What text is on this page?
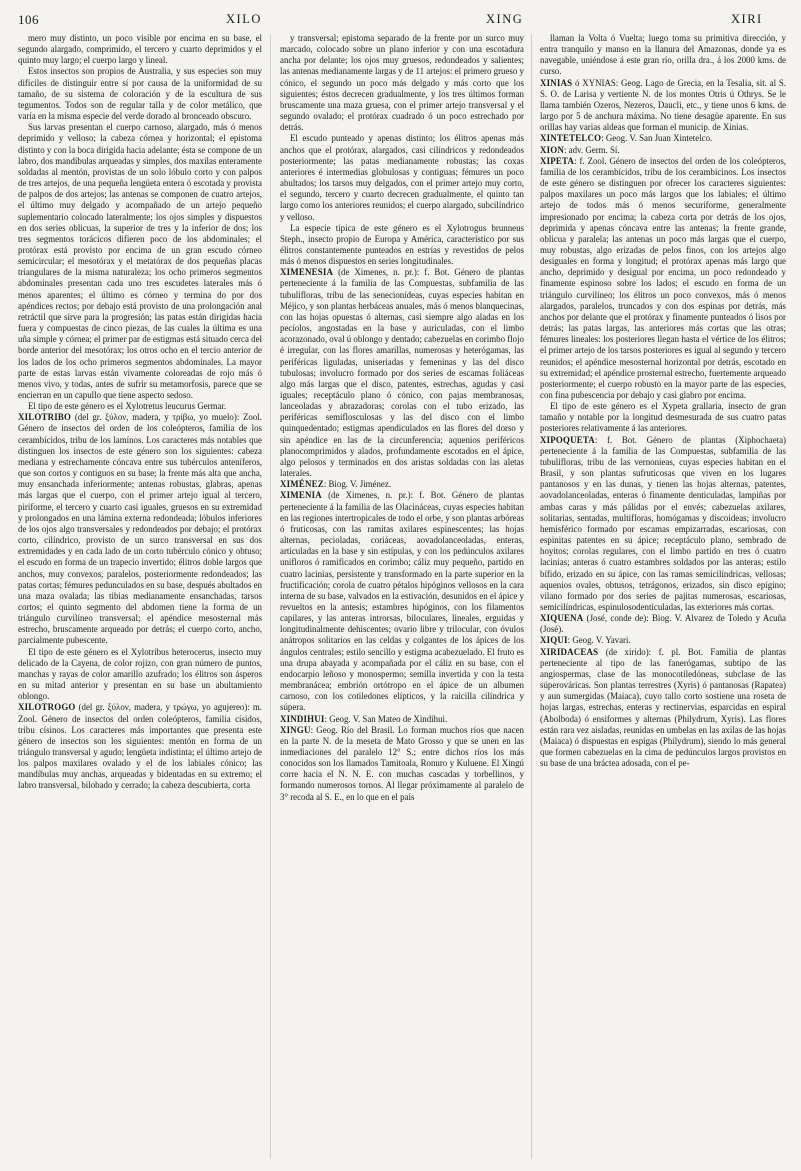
106	XILO	XING	XIRI

mero muy distinto, un poco visible por encima en su base, el segundo alargado, comprimido, el tercero y cuarto deprimidos y el quinto muy largo; el cuerpo largo y lineal.

Estos insectos son propios de Australia, y sus especies son muy difíciles de distinguir entre sí por causa de la uniformidad de su tamaño, de su sistema de coloración y de la escultura de sus tegumentos. Todos son de regular talla y de color metálico, que varía en la misma especie del verde dorado al bronceado obscuro.

Sus larvas presentan el cuerpo carnoso, alargado, más ó menos deprimido y velloso; la cabeza córnea y horizontal; el epistoma distinto y con la boca dirigida hacia adelante; ésta se compone de un labro, dos mandíbulas arqueadas y simples, dos maxilas enteramente soldadas al mentón, provistas de un solo lóbulo corto y con palpos de tres artejos, de una pequeña lengüeta entera ó escotada y provista de palpos de dos artejos; las antenas se componen de cuatro artejos, el último muy delgado y acompañado de un artejo pequeño suplementario colocado lateralmente; los ojos simples y dispuestos en dos series oblicuas, la superior de tres y la inferior de dos; los tres segmentos torácicos difieren poco de los abdominales; el protórax está provisto por encima de un gran escudo córneo semicircular; el mesotórax y el metatórax de dos pequeñas placas triangulares de la misma naturaleza; los ocho primeros segmentos abdominales presentan cada uno tres escudetes laterales más ó menos aparentes; el último es córneo y termina do por dos apéndices rectos; por debajo está provisto de una prolongación anal retráctil que sirve para la progresión; las patas están dirigidas hacia fuera y compuestas de cinco piezas, de las cuales la última es una uña simple y córnea; el primer par de estigmas está situado cerca del borde anterior del mesotórax; los otros ocho en el tercio anterior de los lados de los ocho primeros segmentos abdominales. La mayor parte de estas larvas están vivamente coloreadas de rojo más ó menos vivo, y todas, antes de sufrir su metamorfosis, parece que se encierran en un capullo que tiene aspecto sedoso.

El tipo de este género es el Xylotretus leucurus Germar.

XILOTRIBO (del gr. ξύλον, madera, y τρίβω, yo muelo): Zool. Género de insectos del orden de los coleópteros, familia de los cerambícidos, tribu de los lamínos. Los caracteres más notables que distinguen los insectos de este género son los siguientes: cabeza mediana y estrechamente cóncava entre sus tubérculos anteníferos, que son cortos y contiguos en su base; la frente más alta que ancha, muy ensanchada inferiormente; antenas robustas, glabras, apenas más largas que el cuerpo, con el primer artejo igual al tercero, piriforme, el tercero y cuarto casi iguales, gruesos en su extremidad y prolongados en una lámina externa redondeada; lóbulos inferiores de los ojos algo transversales y redondeados por debajo; el protórax corto, cilíndrico, provisto de un surco transversal en sus dos extremidades y en cada lado de un corto tubérculo cónico y obtuso; el escudo en forma de un trapecio invertido; élitros doble largos que anchos, muy convexos, paralelos, posteriormente redondeados; las patas cortas; fémures pedunculados en su base, después abultados en una maza ovalada; las tibias medianamente ensanchadas, tarsos cortos; el quinto segmento del abdomen tiene la forma de un triángulo curvilíneo transversal; el apéndice mesosternal más estrecho, bruscamente arqueado por detrás; el cuerpo corto, ancho, parcialmente pubescente.

El tipo de este género es el Xylotribus heterocerus, insecto muy delicado de la Cayena, de color rojizo, con gran número de puntos, manchas y rayas de color amarillo azufrado; los élitros son ásperos en su mitad anterior y presentan en su base un abultamiento oblongo.

XILOTROGO (del gr. ξύλον, madera, y τρώγω, yo agujereo): m. Zool. Género de insectos del orden coleópteros, familia císidos, tribu císinos. Los caracteres más importantes que presenta este género de insectos son los siguientes: mentón en forma de un triángulo transversal y agudo; lengüeta indistinta; el último artejo de los palpos maxilares ovalado y el de los labiales cónico; las mandíbulas muy anchas, arqueadas y bidentadas en su extremo; el labro transversal, bilobado y cerrado; la cabeza descubierta, corta

y transversal; epistoma separado de la frente por un surco muy marcado, colocado sobre un plano inferior y con una escotadura ancha por delante; los ojos muy gruesos, redondeados y salientes; las antenas medianamente largas y de 11 artejos: el primero grueso y cónico, el segundo un poco más delgado y más corto que los siguientes; éstos decrecen gradualmente, y los tres últimos forman bruscamente una maza gruesa, con el primer artejo transversal y el segundo ovalado; el protórax cuadrado ó un poco estrechado por detrás.

El escudo punteado y apenas distinto; los élitros apenas más anchos que el protórax, alargados, casi cilíndricos y redondeados posteriormente; las patas medianamente robustas; las coxas anteriores é intermedias globulosas y contiguas; fémures un poco abultados; los tarsos muy delgados, con el primer artejo muy corto, el segundo, tercero y cuarto decrecen gradualmente, el quinto tan largo como los anteriores reunidos; el cuerpo alargado, subcilíndrico y velloso.

La especie típica de este género es el Xylotrogus brunneus Steph., insecto propio de Europa y América, característico por sus élitros constantemente punteados en estrías y revestidos de pelos más ó menos dispuestos en series longitudinales.

XIMENESIA (de Ximenes, n. pr.): f. Bot. Género de plantas perteneciente á la familia de las Compuestas, subfamilia de las tubulifloras, tribu de las senecionídeas, cuyas especies habitan en Méjico, y son plantas herbáceas anuales, más ó menos blanquecinas, con las hojas opuestas ó alternas, casi siempre algo aladas en los pecíolos, angostadas en la base y auriculadas, con el limbo acorazonado, oval ú oblongo y dentado; cabezuelas en corimbo flojo é irregular, con las flores amarillas, numerosas y heterógamas, las periféricas liguladas, uniseriadas y femeninas y las del disco tubulosas; involucro formado por dos series de escamas foliáceas algo más largas que el disco, patentes, estrechas, agudas y casi iguales; receptáculo plano ó cónico, con pajas membranosas, lanceoladas y abrazadoras; corolas con el tubo erizado, las periféricas semiflosculosas y las del disco con el limbo quinquedentado; estigmas apendiculados en las flores del dorso y sin apéndice en las de la circunferencia; aquenios periféricos planocomprimidos y alados, profundamente escotados en el ápice, algo pelosos y terminados en dos aristas soldadas con las aletas laterales.

XIMÉNEZ: Biog. V. Jiménez.

XIMENIA (de Ximenes, n. pr.): f. Bot. Género de plantas perteneciente á la familia de las Olacináceas, cuyas especies habitan en las regiones intertropicales de todo el orbe, y son plantas arbóreas ó fruticosas, con las ramitas axilares espinescentes; las hojas alternas, pecioladas, coriáceas, aovadolanceoladas, enteras, articuladas en la base y sin estípulas, y con los pedúnculos axilares unifloros ó ramificados en corimbo; cáliz muy pequeño, partido en cuatro lacinias, persistente y transformado en la parte superior en la fructificación; corola de cuatro pétalos hipóginos vellosos en la cara interna de su base, valvados en la estivación, desunidos en el ápice y revueltos en la antesis; estambres hipóginos, con los filamentos capilares, y las anteras introrsas, biloculares, lineales, erguidas y longitudinalmente dehiscentes; ovario libre y trilocular, con óvulos anátropos solitarios en las celdas y colgantes de los ápices de los ángulos centrales; estilo sencillo y estigma acabezuelado. El fruto es una drupa abayada y acompañada por el cáliz en su base, con el endocarpio leñoso y monospermo; semilla invertida y con la testa membranácea; embrión ortótropo en el ápice de un albumen carnoso, con los cotiledones elípticos, y la raicilla cilíndrica y súpera.

XINDIHUI: Geog. V. San Mateo de Xindihui.

XINGU: Geog. Río del Brasil. Lo forman muchos ríos que nacen en la parte N. de la meseta de Mato Grosso y que se unen en las inmediaciones del paralelo 12° S.; entre dichos ríos los más conocidos son los llamados Tamitoala, Ronuro y Kuluene. El Xingú corre hacia el N. N. E. con muchas cascadas y torbellinos, y formando numerosos tornos. Al llegar próximamente al paralelo de 3° recoda al S. E., en lo que en el país

llaman la Volta ó Vuelta; luego toma su primitiva dirección, y entra tranquilo y manso en la llanura del Amazonas, donde ya es navegable, uniéndose á este gran río, orilla dra., á los 2000 kms. de curso.

XINIAS ó XYNIAS: Geog. Lago de Grecia, en la Tesalia, sit. al S. S. O. de Larisa y vertiente N. de los montes Otris ú Othrys. Se le llama también Ozeros, Nezeros, Daucli, etc., y tiene unos 6 kms. de largo por 5 de anchura máxima. No tiene desagüe aparente. En sus orillas hay varias aldeas que forman el municip. de Xinias.

XINTETELCO: Geog. V. San Juan Xintetelco.

XION: adv. Germ. Sí.

XIPETA: f. Zool. Género de insectos del orden de los coleópteros, familia de los cerambícidos, tribu de los cerambicinos. Los insectos de este género se distinguen por ofrecer los caracteres siguientes: palpos maxilares un poco más largos que los labiales; el último artejo de todos más ó menos securiforme, generalmente impresionado por encima; la cabeza corta por detrás de los ojos, deprimida y apenas cóncava entre las antenas; la frente grande, oblicua y paralela; las antenas un poco más largas que el cuerpo, muy robustas, algo erizadas de pelos finos, con los artejos algo desiguales en forma y longitud; el protórax apenas más largo que ancho, deprimido y desigual por encima, un poco redondeado y finamente espinoso sobre los lados; el escudo en forma de un triángulo curvilíneo; los élitros un poco convexos, más ó menos alargados, paralelos, truncados y con dos espinas por detrás, más anchos por delante que el protórax y finamente punteados ó lisos por detrás; las patas largas, las anteriores más cortas que las otras; fémures lineales: los posteriores llegan hasta el vértice de los élitros; el primer artejo de los tarsos posteriores es igual al segundo y tercero reunidos; el apéndice mesosternal horizontal por detrás, escotado en su extremidad; el apéndice prosternal estrecho, fuertemente arqueado posteriormente; el cuerpo robusto en la mayor parte de las especies, con fina pubescencia por debajo y casi glabro por encima.

El tipo de este género es el Xypeta grallaria, insecto de gran tamaño y notable por la longitud desmesurada de sus cuatro patas posteriores relativamente á las anteriores.

XIPOQUETA: f. Bot. Género de plantas (Xiphochaeta) perteneciente á la familia de las Compuestas, subfamilia de las tubulifloras, tribu de las vernonieas, cuyas especies habitan en el Brasil, y son plantas sufruticosas que viven en los lugares pantanosos y en las dunas, y tienen las hojas alternas, patentes, aovadolanceoladas, enteras ó finamente denticuladas, lampiñas por ambas caras y más pálidas por el envés; cabezuelas axilares, solitarias, sentadas, multifloras, homógamas y discoideas; involucro hemisférico formado por escamas empizarradas, escariosas, con espinitas patentes en su ápice; receptáculo plano, sembrado de hoyitos; corolas regulares, con el limbo partido en tres ó cuatro lacinias; anteras ó cuatro estambres soldados por las anteras; estilo bífido, erizado en su ápice, con las ramas semicilíndricas, vellosas; aquenios ovales, obtusos, tetrágonos, erizados, sin disco epígino; vilano formado por dos series de pajitas numerosas, escariosas, semicilíndricas, espinulosodenticuladas, las exteriores más cortas.

XIQUENA (José, conde de): Biog. V. Alvarez de Toledo y Acuña (José).

XIQUI: Geog. V. Yavari.

XIRIDACEAS (de xirido): f. pl. Bot. Familia de plantas perteneciente al tipo de las fanerógamas, subtipo de las angiospermas, clase de las monocotiledóneas, subclase de las súperováricas. Son plantas terrestres (Xyris) ó pantanosas (Rapatea) y aun sumergidas (Maiaca), cuyo tallo corto sostiene una roseta de hojas largas, estrechas, enteras y rectinervias, esparcidas en espiral (Abolboda) ó ensiformes y alternas (Philydrum, Xyris). Las flores están rara vez aisladas, reunidas en umbelas en las axilas de las hojas (Maiaca) ó dispuestas en espigas (Philydrum), siendo lo más general que formen cabezuelas en la cima de pedúnculos largos provistos en su base de una bráctea adosada, con el pe-
